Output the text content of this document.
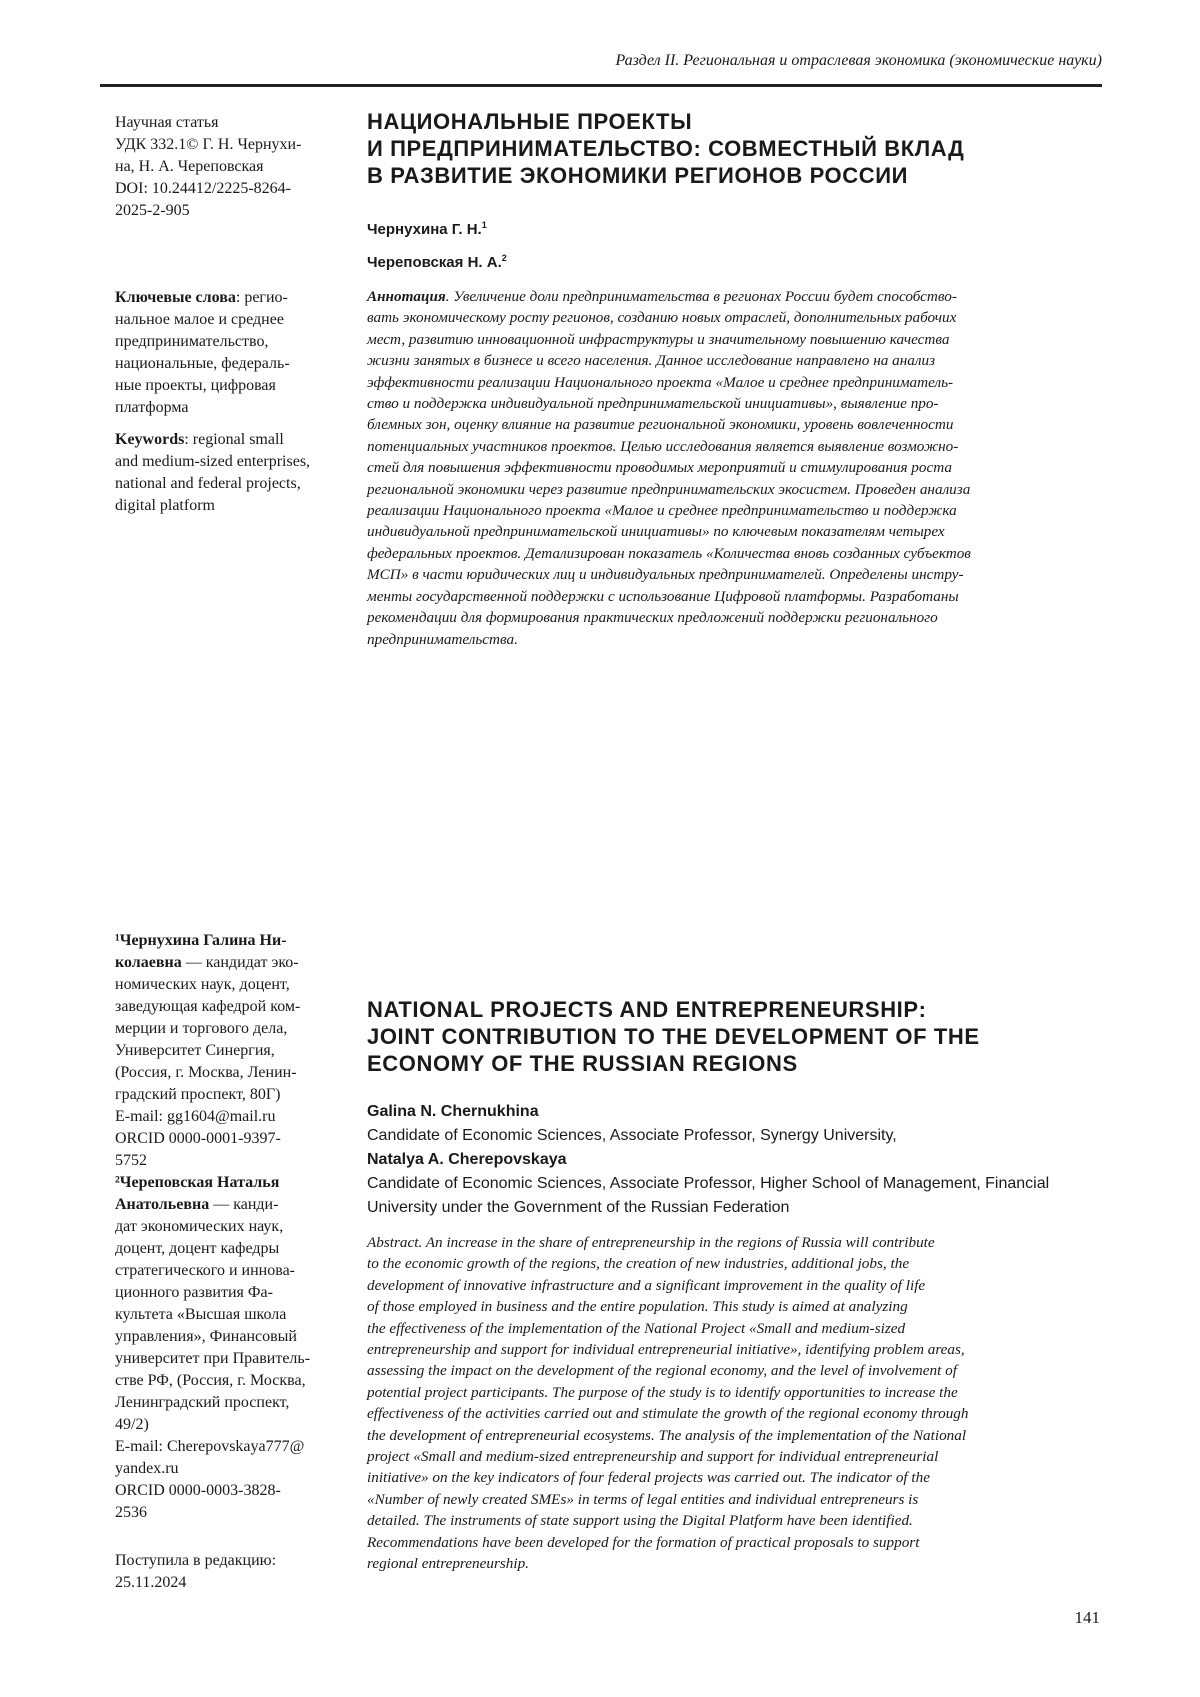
Раздел II. Региональная и отраслевая экономика (экономические науки)

Научная статья

УДК 332.1© Г. Н. Чернухи-

на, Н. А. Череповская

DOI: 10.24412/2225-8264-

2025-2-905

Ключевые слова: регио-

нальное малое и среднее

предпринимательство,

национальные, федераль-

ные проекты, цифровая

платформа

Keywords: regional small

and medium-sized enterprises,

national and federal projects,

digital platform

¹Чернухина Галина Ни-

колаевна — кандидат эко-

номических наук, доцент,

заведующая кафедрой ком-

мерции и торгового дела,

Университет Синергия,

(Россия, г. Москва, Ленин-

градский проспект, 80Г)

E-mail: gg1604@mail.ru

ORCID 0000-0001-9397-

5752

²Череповская Наталья

Анатольевна — канди-

дат экономических наук,

доцент, доцент кафедры

стратегического и иннова-

ционного развития Фа-

культета «Высшая школа

управления», Финансовый

университет при Правитель-

стве РФ, (Россия, г. Москва,

Ленинградский проспект,

49/2)

E-mail: Cherepovskaya777@

yandex.ru

ORCID 0000-0003-3828-

2536

Поступила в редакцию:

25.11.2024

НАЦИОНАЛЬНЫЕ ПРОЕКТЫ
И ПРЕДПРИНИМАТЕЛЬСТВО: СОВМЕСТНЫЙ ВКЛАД
В РАЗВИТИЕ ЭКОНОМИКИ РЕГИОНОВ РОССИИ
Чернухина Г. Н.1
Череповская Н. А.2
Аннотация. Увеличение доли предпринимательства в регионах России будет способство-
вать экономическому росту регионов, созданию новых отраслей, дополнительных рабочих
мест, развитию инновационной инфраструктуры и значительному повышению качества
жизни занятых в бизнесе и всего населения. Данное исследование направлено на анализ
эффективности реализации Национального проекта «Малое и среднее предприниматель-
ство и поддержка индивидуальной предпринимательской инициативы», выявление про-
блемных зон, оценку влияние на развитие региональной экономики, уровень вовлеченности
потенциальных участников проектов. Целью исследования является выявление возможно-
стей для повышения эффективности проводимых мероприятий и стимулирования роста
региональной экономики через развитие предпринимательских экосистем. Проведен анализа
реализации Национального проекта «Малое и среднее предпринимательство и поддержка
индивидуальной предпринимательской инициативы» по ключевым показателям четырех
федеральных проектов. Детализирован показатель «Количества вновь созданных субъектов
МСП» в части юридических лиц и индивидуальных предпринимателей. Определены инстру-
менты государственной поддержки с использование Цифровой платформы. Разработаны
рекомендации для формирования практических предложений поддержки регионального
предпринимательства.
NATIONAL PROJECTS AND ENTREPRENEURSHIP:
JOINT CONTRIBUTION TO THE DEVELOPMENT OF THE
ECONOMY OF THE RUSSIAN REGIONS
Galina N. Chernukhina
Candidate of Economic Sciences, Associate Professor, Synergy University,
Natalya A. Cherepovskaya
Candidate of Economic Sciences, Associate Professor, Higher School of Management, Financial
University under the Government of the Russian Federation
Abstract. An increase in the share of entrepreneurship in the regions of Russia will contribute
to the economic growth of the regions, the creation of new industries, additional jobs, the
development of innovative infrastructure and a significant improvement in the quality of life
of those employed in business and the entire population. This study is aimed at analyzing
the effectiveness of the implementation of the National Project «Small and medium-sized
entrepreneurship and support for individual entrepreneurial initiative», identifying problem areas,
assessing the impact on the development of the regional economy, and the level of involvement of
potential project participants. The purpose of the study is to identify opportunities to increase the
effectiveness of the activities carried out and stimulate the growth of the regional economy through
the development of entrepreneurial ecosystems. The analysis of the implementation of the National
project «Small and medium-sized entrepreneurship and support for individual entrepreneurial
initiative» on the key indicators of four federal projects was carried out. The indicator of the
«Number of newly created SMEs» in terms of legal entities and individual entrepreneurs is
detailed. The instruments of state support using the Digital Platform have been identified.
Recommendations have been developed for the formation of practical proposals to support
regional entrepreneurship.
141
